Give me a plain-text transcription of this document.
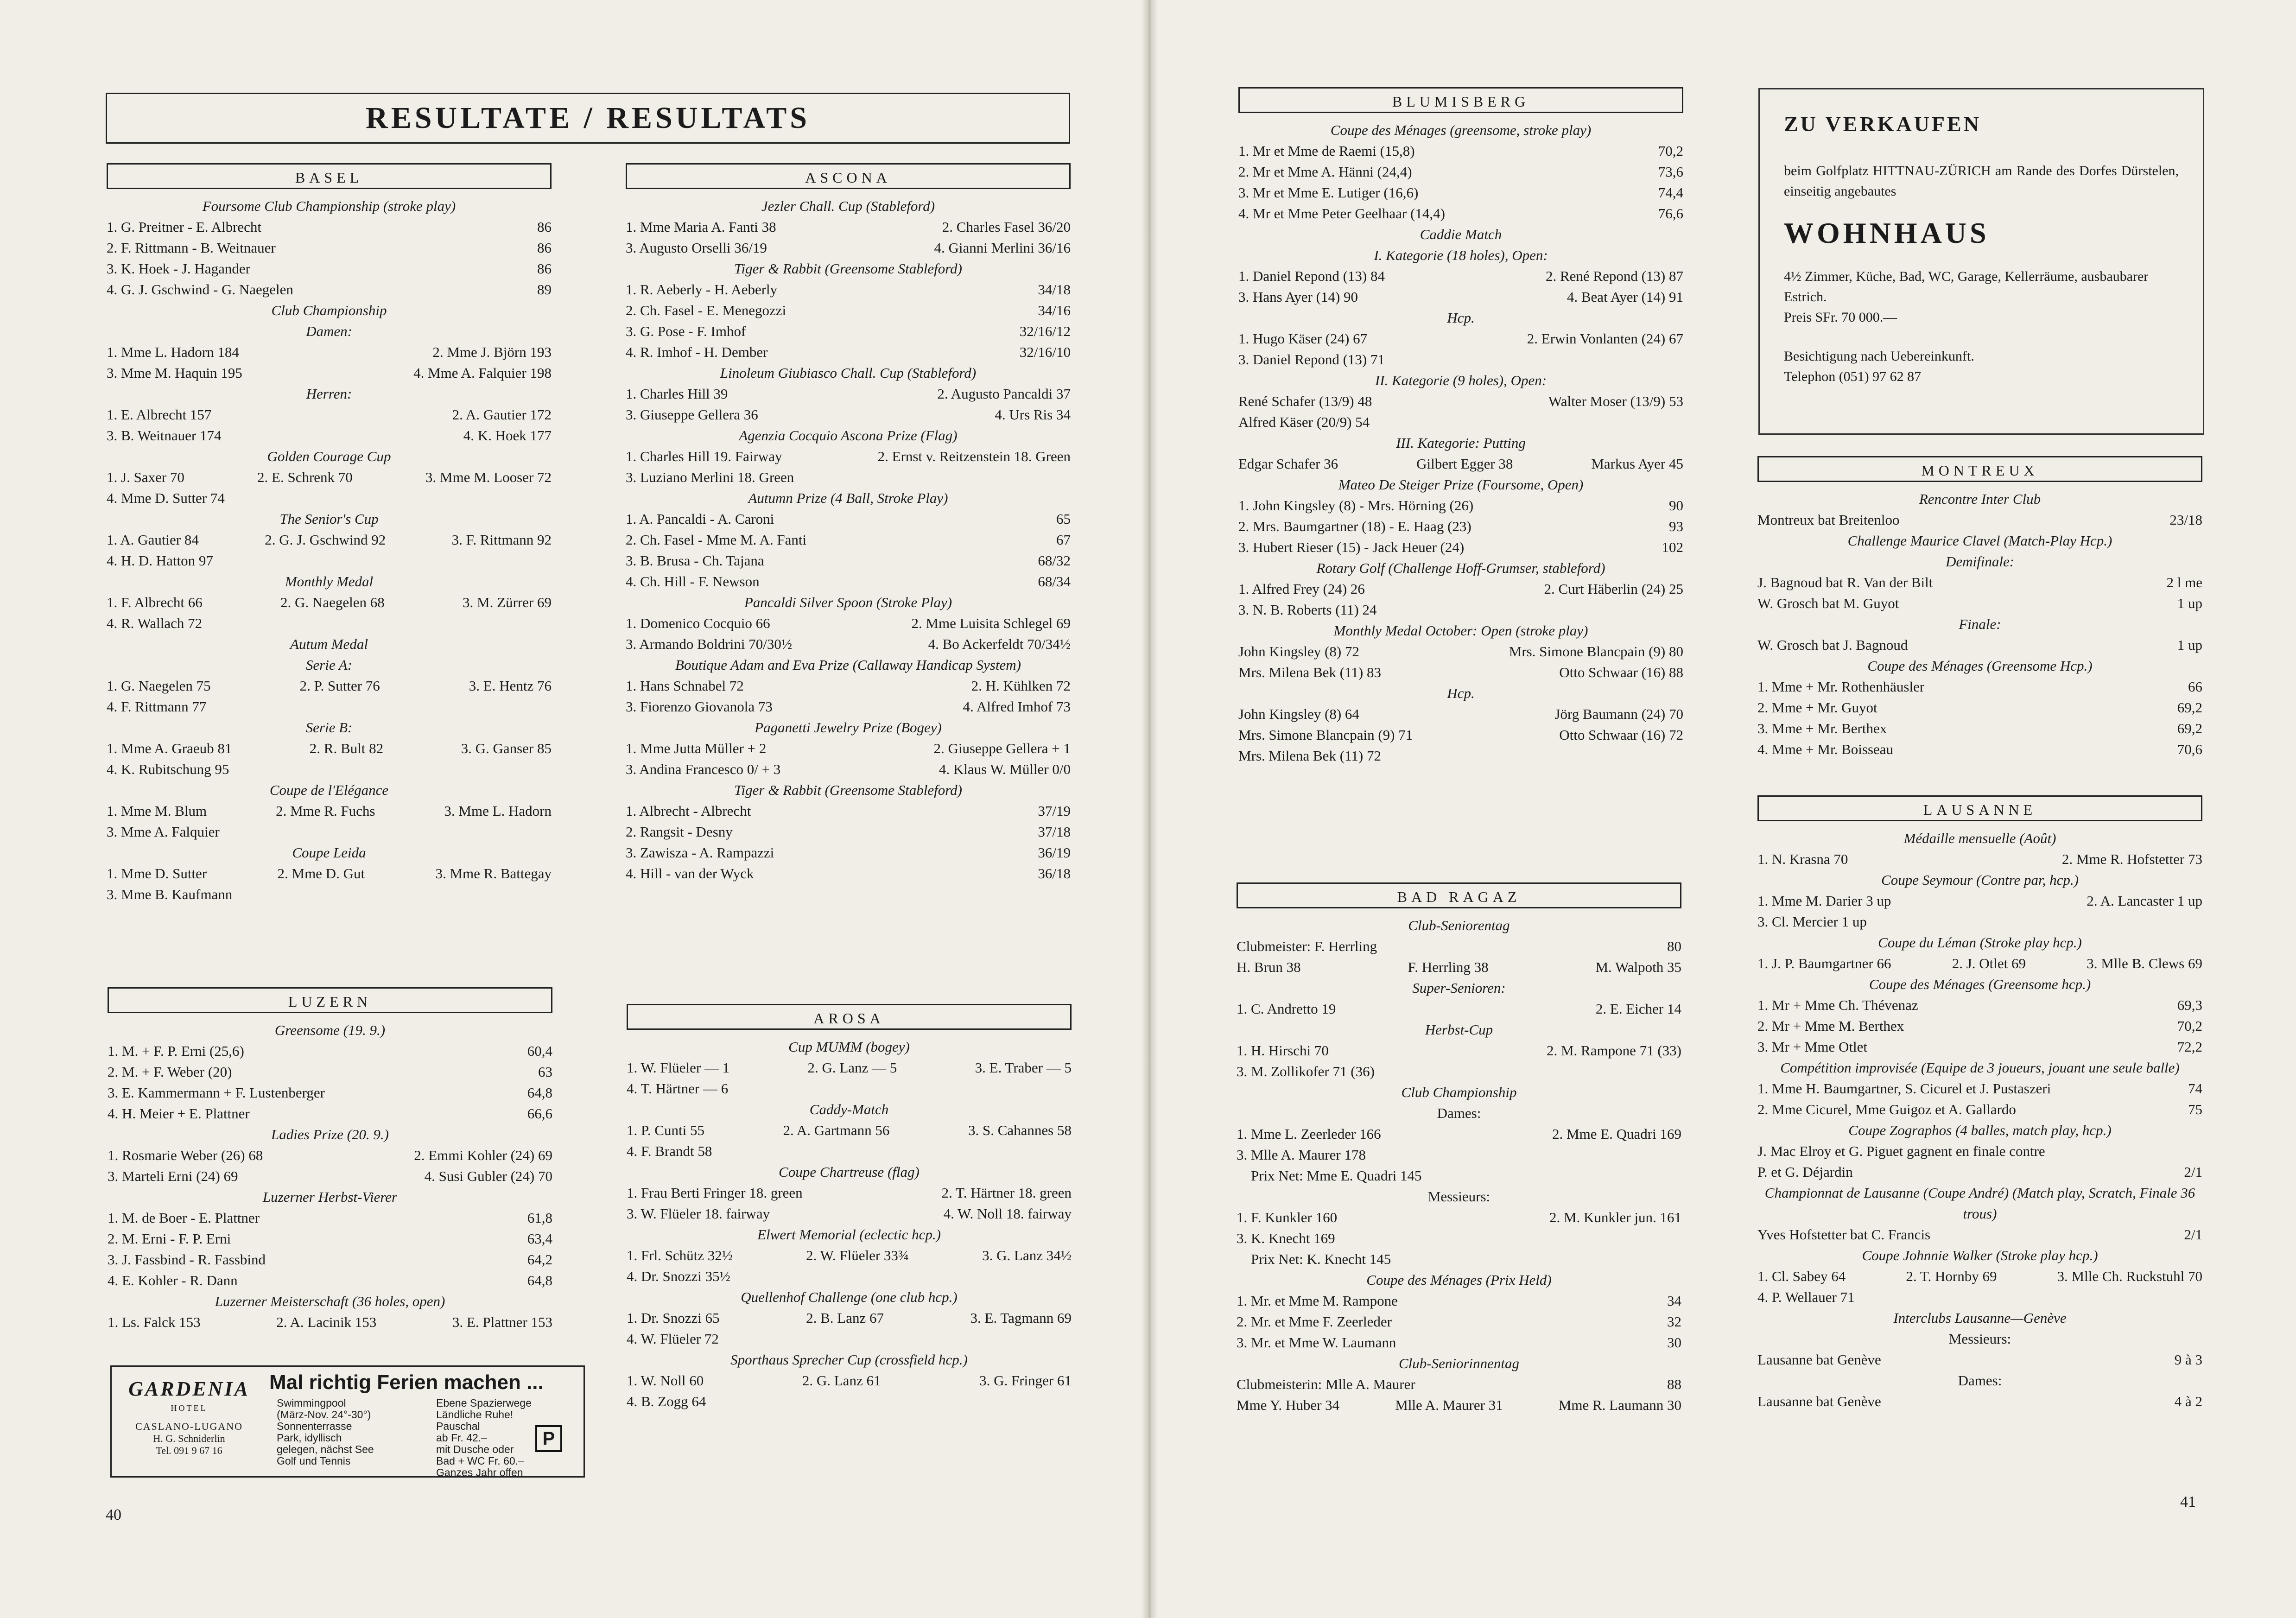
RESULTATE / RESULTATS
BASEL
Foursome Club Championship (stroke play)
1. G. Preitner - E. Albrecht	86
2. F. Rittmann - B. Weitnauer	86
3. K. Hoek - J. Hagander	86
4. G. J. Gschwind - G. Naegelen	89
Club Championship
Damen:
1. Mme L. Hadorn 184	2. Mme J. Björn 193
3. Mme M. Haquin 195	4. Mme A. Falquier 198
Herren:
1. E. Albrecht 157	2. A. Gautier 172
3. B. Weitnauer 174	4. K. Hoek 177
Golden Courage Cup
1. J. Saxer 70	2. E. Schrenk 70	3. Mme M. Looser 72
4. Mme D. Sutter 74
The Senior's Cup
1. A. Gautier 84	2. G. J. Gschwind 92	3. F. Rittmann 92
4. H. D. Hatton 97
Monthly Medal
1. F. Albrecht 66	2. G. Naegelen 68	3. M. Zürrer 69
4. R. Wallach 72
Autum Medal
Serie A:
1. G. Naegelen 75	2. P. Sutter 76	3. E. Hentz 76
4. F. Rittmann 77
Serie B:
1. Mme A. Graeub 81	2. R. Bult 82	3. G. Ganser 85
4. K. Rubitschung 95
Coupe de l'Elégance
1. Mme M. Blum	2. Mme R. Fuchs	3. Mme L. Hadorn
3. Mme A. Falquier
Coupe Leida
1. Mme D. Sutter	2. Mme D. Gut	3. Mme R. Battegay
3. Mme B. Kaufmann
LUZERN
Greensome (19. 9.)
1. M. + F. P. Erni (25,6)	60,4
2. M. + F. Weber (20)	63
3. E. Kammermann + F. Lustenberger	64,8
4. H. Meier + E. Plattner	66,6
Ladies Prize (20. 9.)
1. Rosmarie Weber (26) 68	2. Emmi Kohler (24) 69
3. Marteli Erni (24) 69	4. Susi Gubler (24) 70
Luzerner Herbst-Vierer
1. M. de Boer - E. Plattner	61,8
2. M. Erni - F. P. Erni	63,4
3. J. Fassbind - R. Fassbind	64,2
4. E. Kohler - R. Dann	64,8
Luzerner Meisterschaft (36 holes, open)
1. Ls. Falck 153	2. A. Lacinik 153	3. E. Plattner 153
ASCONA
Jezler Chall. Cup (Stableford)
1. Mme Maria A. Fanti 38	2. Charles Fasel 36/20
3. Augusto Orselli 36/19	4. Gianni Merlini 36/16
Tiger & Rabbit (Greensome Stableford)
1. R. Aeberly - H. Aeberly	34/18
2. Ch. Fasel - E. Menegozzi	34/16
3. G. Pose - F. Imhof	32/16/12
4. R. Imhof - H. Dember	32/16/10
Linoleum Giubiasco Chall. Cup (Stableford)
1. Charles Hill 39	2. Augusto Pancaldi 37
3. Giuseppe Gellera 36	4. Urs Ris 34
Agenzia Cocquio Ascona Prize (Flag)
1. Charles Hill 19. Fairway	2. Ernst v. Reitzenstein 18. Green
3. Luziano Merlini 18. Green
Autumn Prize (4 Ball, Stroke Play)
1. A. Pancaldi - A. Caroni	65
2. Ch. Fasel - Mme M. A. Fanti	67
3. B. Brusa - Ch. Tajana	68/32
4. Ch. Hill - F. Newson	68/34
Pancaldi Silver Spoon (Stroke Play)
1. Domenico Cocquio 66	2. Mme Luisita Schlegel 69
3. Armando Boldrini 70/30½	4. Bo Ackerfeldt 70/34½
Boutique Adam and Eva Prize (Callaway Handicap System)
1. Hans Schnabel 72	2. H. Kühlken 72
3. Fiorenzo Giovanola 73	4. Alfred Imhof 73
Paganetti Jewelry Prize (Bogey)
1. Mme Jutta Müller + 2	2. Giuseppe Gellera + 1
3. Andina Francesco 0/ + 3	4. Klaus W. Müller 0/0
Tiger & Rabbit (Greensome Stableford)
1. Albrecht - Albrecht	37/19
2. Rangsit - Desny	37/18
3. Zawisza - A. Rampazzi	36/19
4. Hill - van der Wyck	36/18
AROSA
Cup MUMM (bogey)
1. W. Flüeler — 1	2. G. Lanz — 5	3. E. Traber — 5
4. T. Härtner — 6
Caddy-Match
1. P. Cunti 55	2. A. Gartmann 56	3. S. Cahannes 58
4. F. Brandt 58
Coupe Chartreuse (flag)
1. Frau Berti Fringer 18. green	2. T. Härtner 18. green
3. W. Flüeler 18. fairway	4. W. Noll 18. fairway
Elwert Memorial (eclectic hcp.)
1. Frl. Schütz 32½	2. W. Flüeler 33¾	3. G. Lanz 34½
4. Dr. Snozzi 35½
Quellenhof Challenge (one club hcp.)
1. Dr. Snozzi 65	2. B. Lanz 67	3. E. Tagmann 69
4. W. Flüeler 72
Sporthaus Sprecher Cup (crossfield hcp.)
1. W. Noll 60	2. G. Lanz 61	3. G. Fringer 61
4. B. Zogg 64
BLUMISBERG
Coupe des Ménages (greensome, stroke play)
1. Mr et Mme de Raemi (15,8)	70,2
2. Mr et Mme A. Hänni (24,4)	73,6
3. Mr et Mme E. Lutiger (16,6)	74,4
4. Mr et Mme Peter Geelhaar (14,4)	76,6
Caddie Match
I. Kategorie (18 holes), Open:
1. Daniel Repond (13) 84	2. René Repond (13) 87
3. Hans Ayer (14) 90	4. Beat Ayer (14) 91
Hcp.
1. Hugo Käser (24) 67	2. Erwin Vonlanten (24) 67
3. Daniel Repond (13) 71
II. Kategorie (9 holes), Open:
René Schafer (13/9) 48	Walter Moser (13/9) 53
Alfred Käser (20/9) 54
III. Kategorie: Putting
Edgar Schafer 36	Gilbert Egger 38	Markus Ayer 45
Mateo De Steiger Prize (Foursome, Open)
1. John Kingsley (8) - Mrs. Hörning (26)	90
2. Mrs. Baumgartner (18) - E. Haag (23)	93
3. Hubert Rieser (15) - Jack Heuer (24)	102
Rotary Golf (Challenge Hoff-Grumser, stableford)
1. Alfred Frey (24) 26	2. Curt Häberlin (24) 25
3. N. B. Roberts (11) 24
Monthly Medal October: Open (stroke play)
John Kingsley (8) 72	Mrs. Simone Blancpain (9) 80
Mrs. Milena Bek (11) 83	Otto Schwaar (16) 88
Hcp.
John Kingsley (8) 64	Jörg Baumann (24) 70
Mrs. Simone Blancpain (9) 71	Otto Schwaar (16) 72
Mrs. Milena Bek (11) 72
BAD RAGAZ
Club-Seniorentag
Clubmeister: F. Herrling	80
H. Brun 38	F. Herrling 38	M. Walpoth 35
Super-Senioren:
1. C. Andretto 19	2. E. Eicher 14
Herbst-Cup
1. H. Hirschi 70	2. M. Rampone 71 (33)
3. M. Zollikofer 71 (36)
Club Championship
Dames:
1. Mme L. Zeerleder 166	2. Mme E. Quadri 169
3. Mlle A. Maurer 178
Prix Net: Mme E. Quadri 145
Messieurs:
1. F. Kunkler 160	2. M. Kunkler jun. 161
3. K. Knecht 169
Prix Net: K. Knecht 145
Coupe des Ménages (Prix Held)
1. Mr. et Mme M. Rampone	34
2. Mr. et Mme F. Zeerleder	32
3. Mr. et Mme W. Laumann	30
Club-Seniorinnentag
Clubmeisterin: Mlle A. Maurer	88
Mme Y. Huber 34	Mlle A. Maurer 31	Mme R. Laumann 30
MONTREUX
Rencontre Inter Club
Montreux bat Breitenloo	23/18
Challenge Maurice Clavel (Match-Play Hcp.)
Demifinale:
J. Bagnoud bat R. Van der Bilt	2 l me
W. Grosch bat M. Guyot	1 up
Finale:
W. Grosch bat J. Bagnoud	1 up
Coupe des Ménages (Greensome Hcp.)
1. Mme + Mr. Rothenhäusler	66
2. Mme + Mr. Guyot	69,2
3. Mme + Mr. Berthex	69,2
4. Mme + Mr. Boisseau	70,6
LAUSANNE
Médaille mensuelle (Août)
1. N. Krasna 70	2. Mme R. Hofstetter 73
Coupe Seymour (Contre par, hcp.)
1. Mme M. Darier 3 up	2. A. Lancaster 1 up
3. Cl. Mercier 1 up
Coupe du Léman (Stroke play hcp.)
1. J. P. Baumgartner 66	2. J. Otlet 69	3. Mlle B. Clews 69
Coupe des Ménages (Greensome hcp.)
1. Mr + Mme Ch. Thévenaz	69,3
2. Mr + Mme M. Berthex	70,2
3. Mr + Mme Otlet	72,2
Compétition improvisée (Equipe de 3 joueurs, jouant une seule balle)
1. Mme H. Baumgartner, S. Cicurel et J. Pustaszeri	74
2. Mme Cicurel, Mme Guigoz et A. Gallardo	75
Coupe Zographos (4 balles, match play, hcp.)
J. Mac Elroy et G. Piguet gagnent en finale contre
P. et G. Déjardin	2/1
Championnat de Lausanne (Coupe André) (Match play, Scratch, Finale 36 trous)
Yves Hofstetter bat C. Francis	2/1
Coupe Johnnie Walker (Stroke play hcp.)
1. Cl. Sabey 64	2. T. Hornby 69	3. Mlle Ch. Ruckstuhl 70
4. P. Wellauer 71
Interclubs Lausanne—Genève
Messieurs:
Lausanne bat Genève	9 à 3
Dames:
Lausanne bat Genève	4 à 2
GARDENIA
HOTEL
CASLANO-LUGANO
H. G. Schniderlin
Tel. 091 9 67 16
Mal richtig Ferien machen ...
Swimmingpool
(März-Nov. 24°-30°)
Sonnenterrasse
Park, idyllisch
gelegen, nächst See
Golf und Tennis
Ebene Spazierwege
Ländliche Ruhe!
Pauschal
ab Fr. 42.–
mit Dusche oder
Bad + WC Fr. 60.–
Ganzes Jahr offen
P
ZU VERKAUFEN

beim Golfplatz HITTNAU-ZÜRICH am Rande des Dorfes Dürstelen, einseitig angebautes

WOHNHAUS

4½ Zimmer, Küche, Bad, WC, Garage, Kellerräume, ausbaubarer Estrich.

Preis SFr. 70 000.—

Besichtigung nach Uebereinkunft.

Telephon (051) 97 62 87

40
41
